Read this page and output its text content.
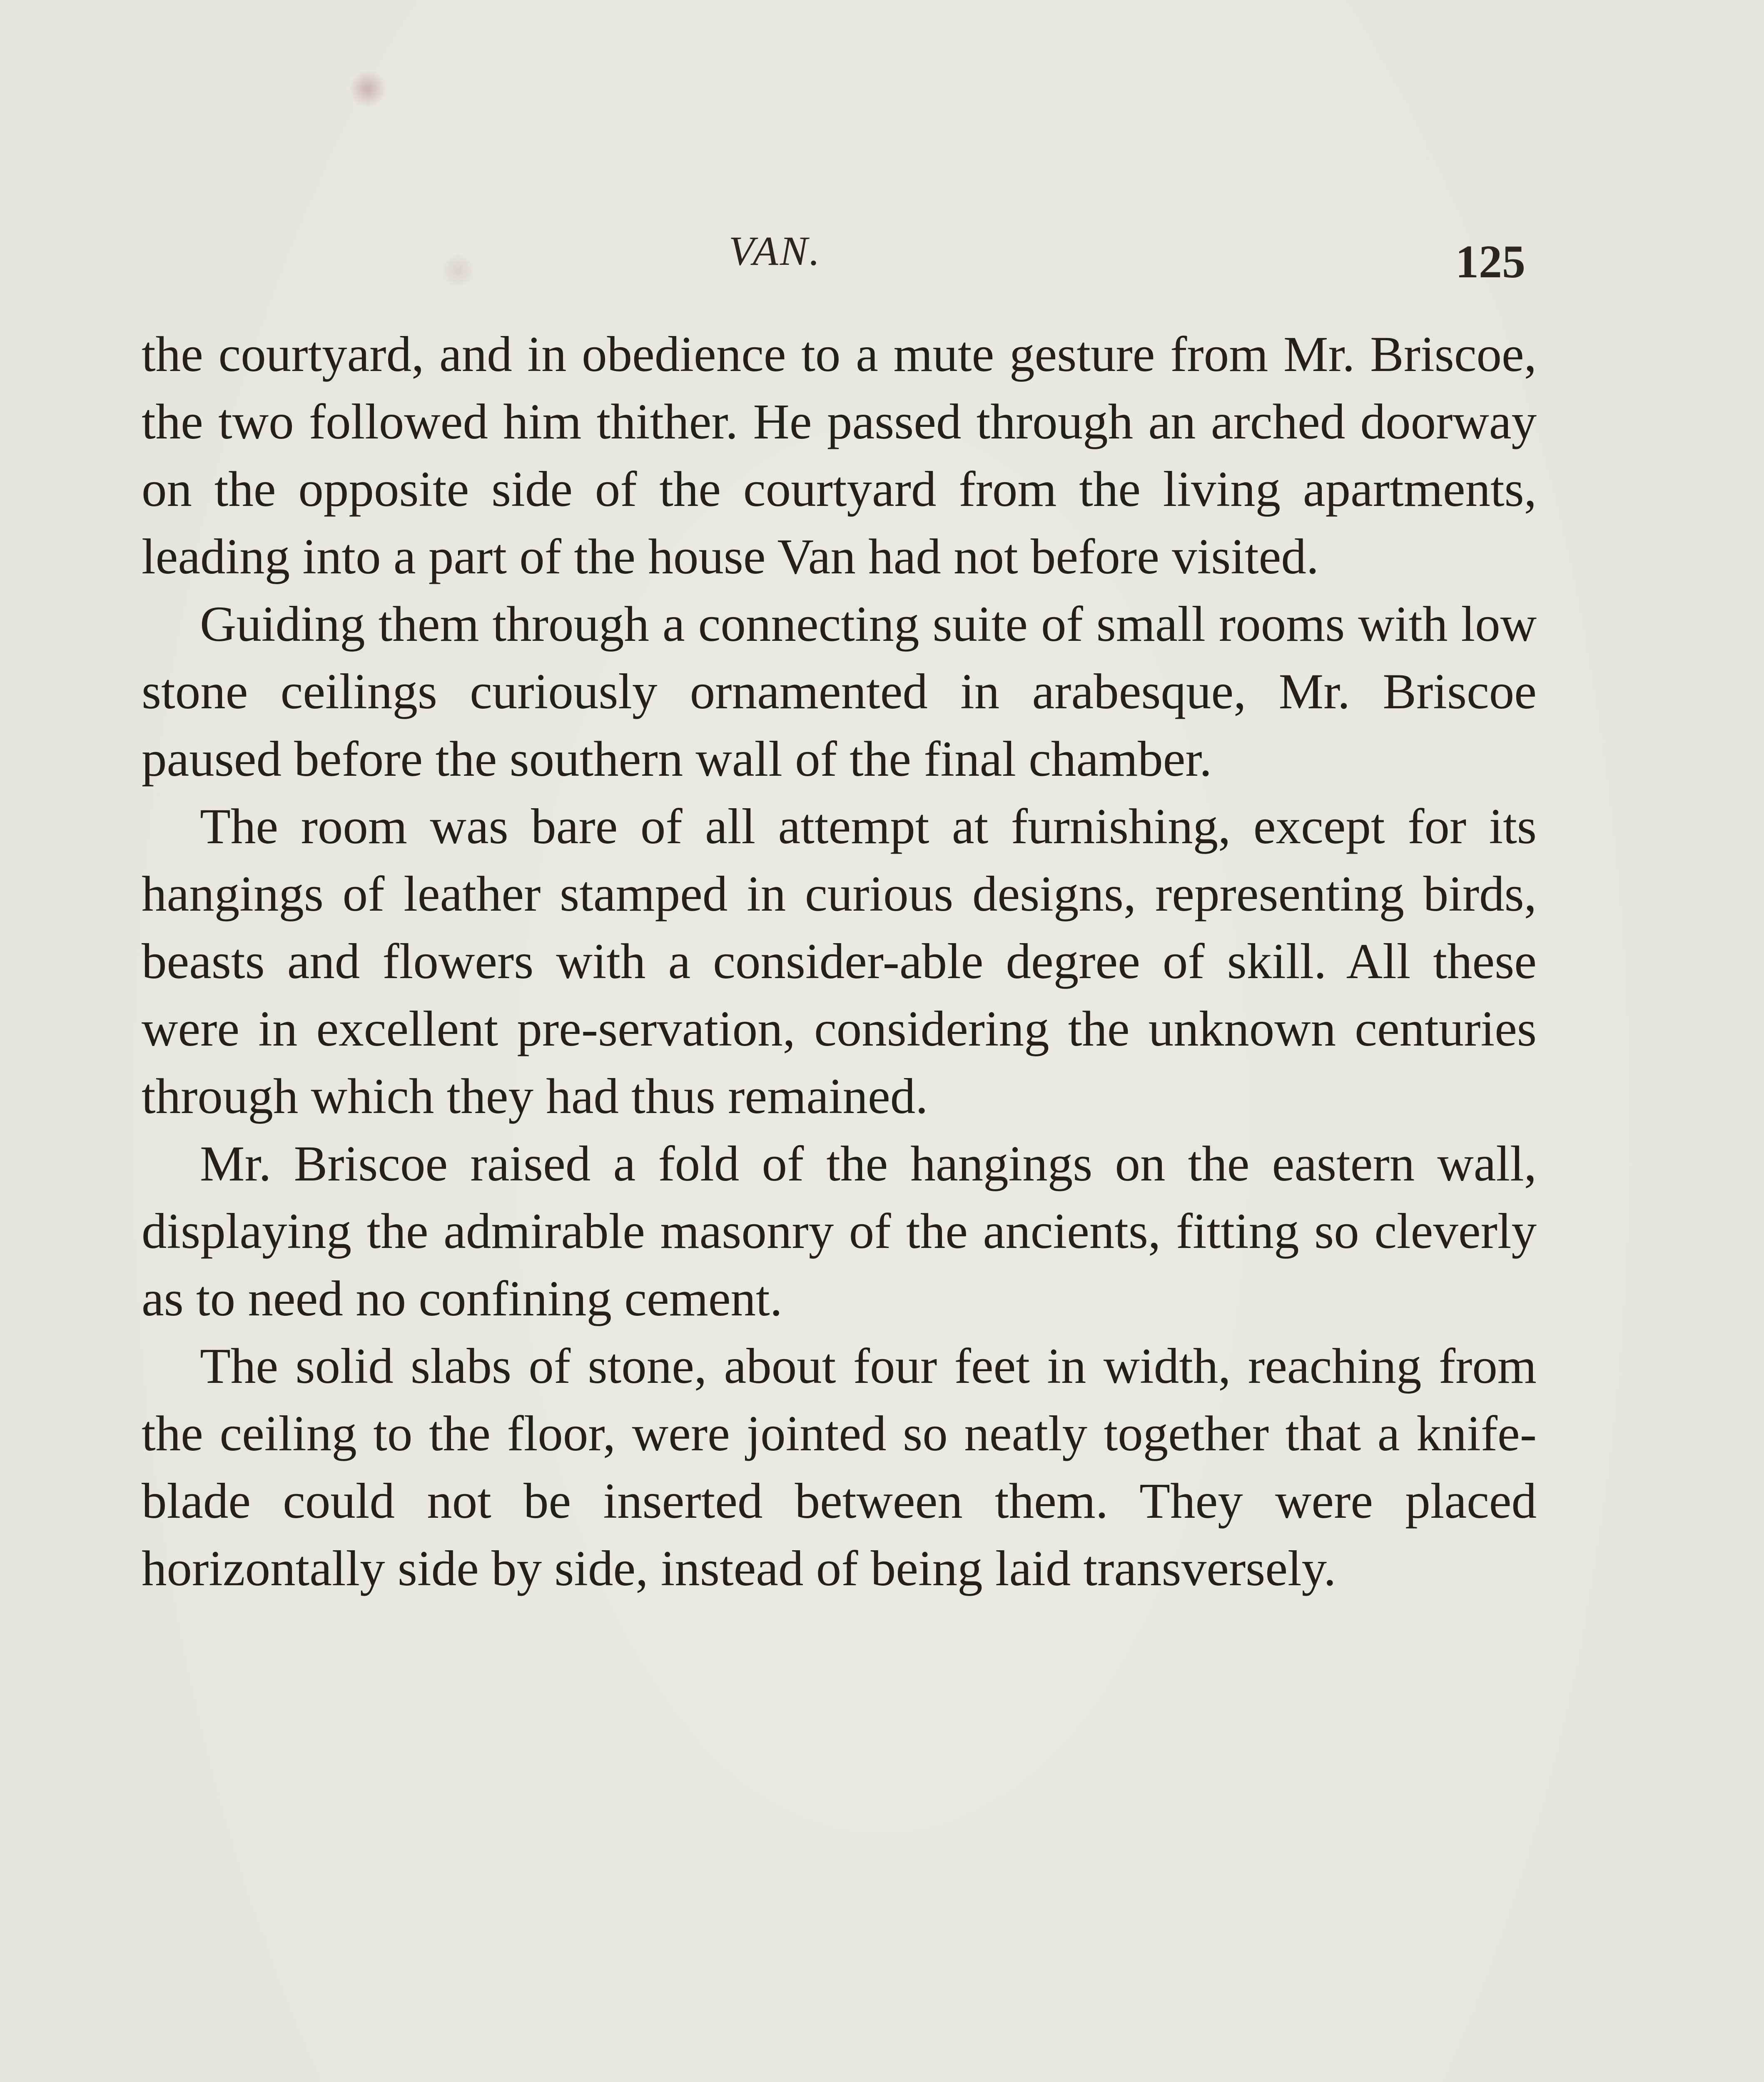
VAN.	125

the courtyard, and in obedience to a mute gesture from Mr. Briscoe, the two followed him thither. He passed through an arched doorway on the opposite side of the courtyard from the living apartments, leading into a part of the house Van had not before visited.

Guiding them through a connecting suite of small rooms with low stone ceilings curiously ornamented in arabesque, Mr. Briscoe paused before the southern wall of the final chamber.

The room was bare of all attempt at furnishing, except for its hangings of leather stamped in curious designs, representing birds, beasts and flowers with a consider-able degree of skill. All these were in excellent pre-servation, considering the unknown centuries through which they had thus remained.

Mr. Briscoe raised a fold of the hangings on the eastern wall, displaying the admirable masonry of the ancients, fitting so cleverly as to need no confining cement.

The solid slabs of stone, about four feet in width, reaching from the ceiling to the floor, were jointed so neatly together that a knife-blade could not be inserted between them. They were placed horizontally side by side, instead of being laid transversely.
